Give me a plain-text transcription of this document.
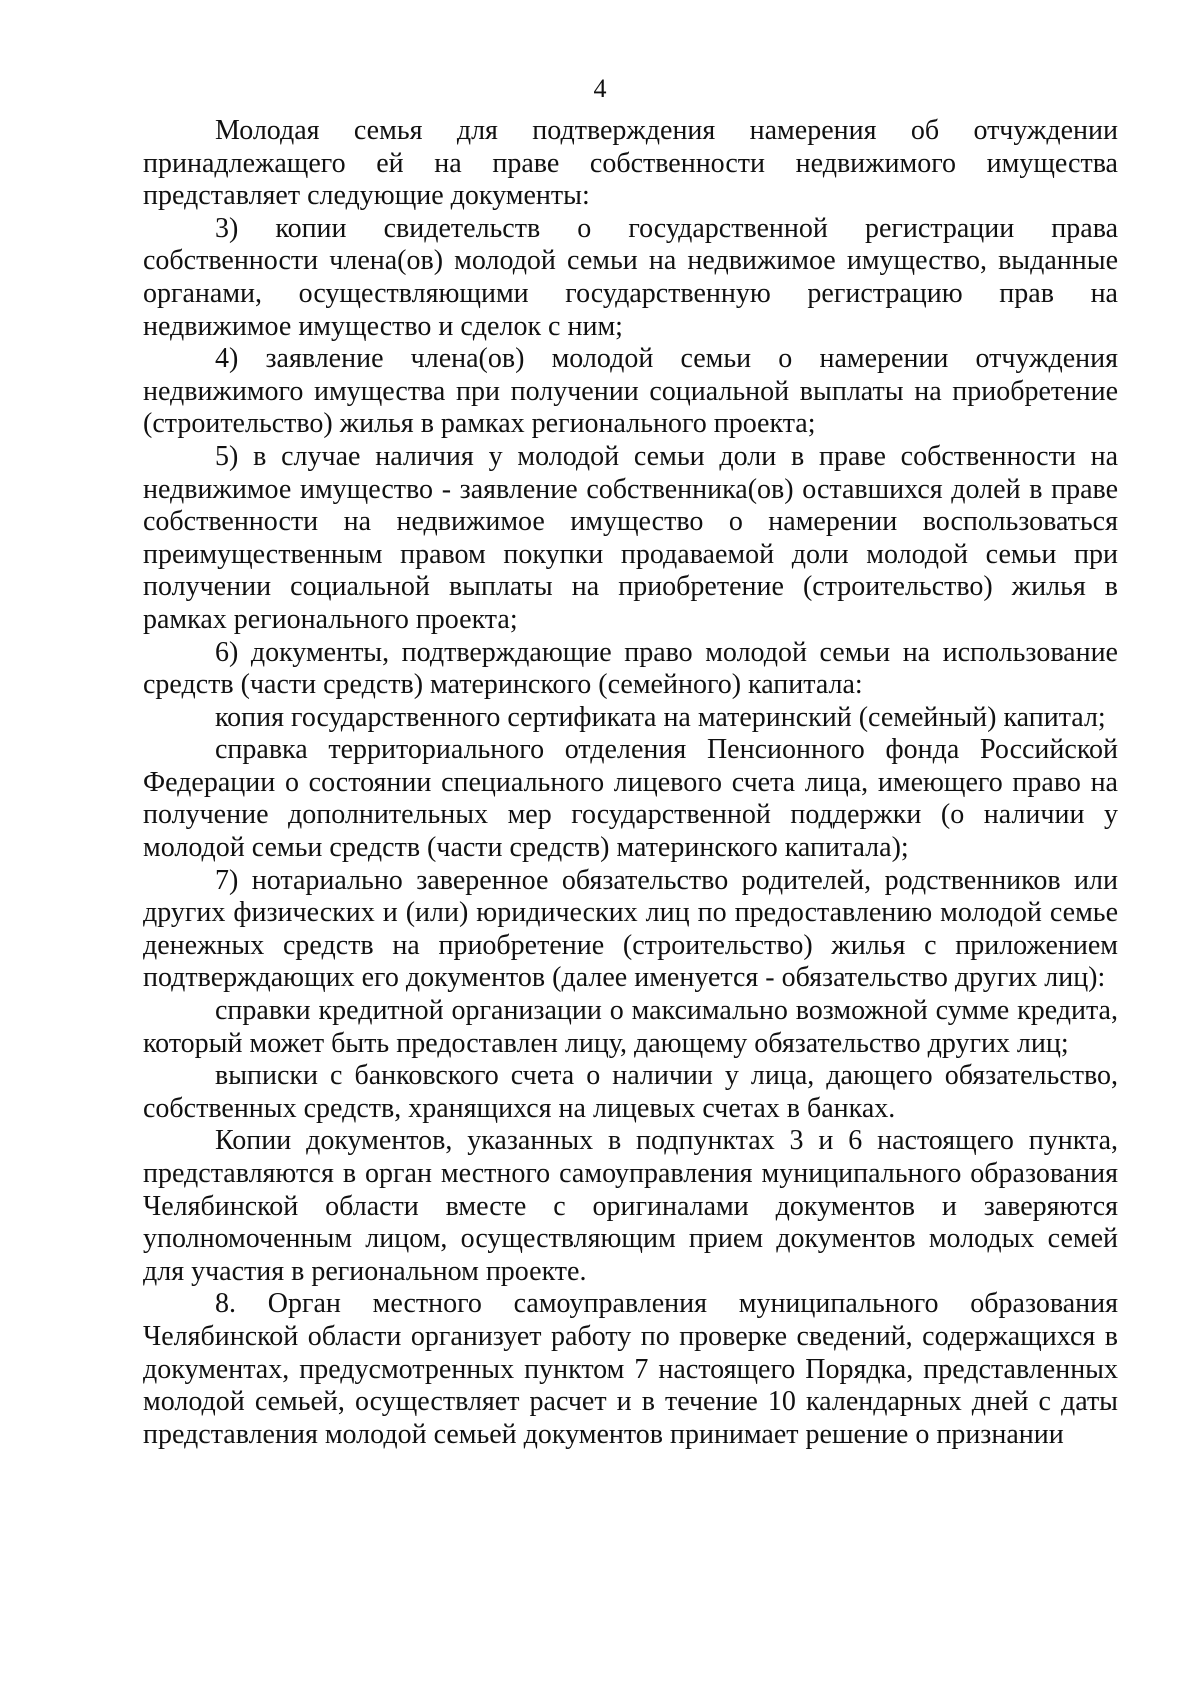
4

Молодая семья для подтверждения намерения об отчуждении принадлежащего ей на праве собственности недвижимого имущества представляет следующие документы:

3) копии свидетельств о государственной регистрации права собственности члена(ов) молодой семьи на недвижимое имущество, выданные органами, осуществляющими государственную регистрацию прав на недвижимое имущество и сделок с ним;

4) заявление члена(ов) молодой семьи о намерении отчуждения недвижимого имущества при получении социальной выплаты на приобретение (строительство) жилья в рамках регионального проекта;

5) в случае наличия у молодой семьи доли в праве собственности на недвижимое имущество - заявление собственника(ов) оставшихся долей в праве собственности на недвижимое имущество о намерении воспользоваться преимущественным правом покупки продаваемой доли молодой семьи при получении социальной выплаты на приобретение (строительство) жилья в рамках регионального проекта;

6) документы, подтверждающие право молодой семьи на использование средств (части средств) материнского (семейного) капитала:

копия государственного сертификата на материнский (семейный) капитал;

справка территориального отделения Пенсионного фонда Российской Федерации о состоянии специального лицевого счета лица, имеющего право на получение дополнительных мер государственной поддержки (о наличии у молодой семьи средств (части средств) материнского капитала);

7) нотариально заверенное обязательство родителей, родственников или других физических и (или) юридических лиц по предоставлению молодой семье денежных средств на приобретение (строительство) жилья с приложением подтверждающих его документов (далее именуется - обязательство других лиц):

справки кредитной организации о максимально возможной сумме кредита, который может быть предоставлен лицу, дающему обязательство других лиц;

выписки с банковского счета о наличии у лица, дающего обязательство, собственных средств, хранящихся на лицевых счетах в банках.

Копии документов, указанных в подпунктах 3 и 6 настоящего пункта, представляются в орган местного самоуправления муниципального образования Челябинской области вместе с оригиналами документов и заверяются уполномоченным лицом, осуществляющим прием документов молодых семей для участия в региональном проекте.

8. Орган местного самоуправления муниципального образования Челябинской области организует работу по проверке сведений, содержащихся в документах, предусмотренных пунктом 7 настоящего Порядка, представленных молодой семьей, осуществляет расчет и в течение 10 календарных дней с даты представления молодой семьей документов принимает решение о признании
